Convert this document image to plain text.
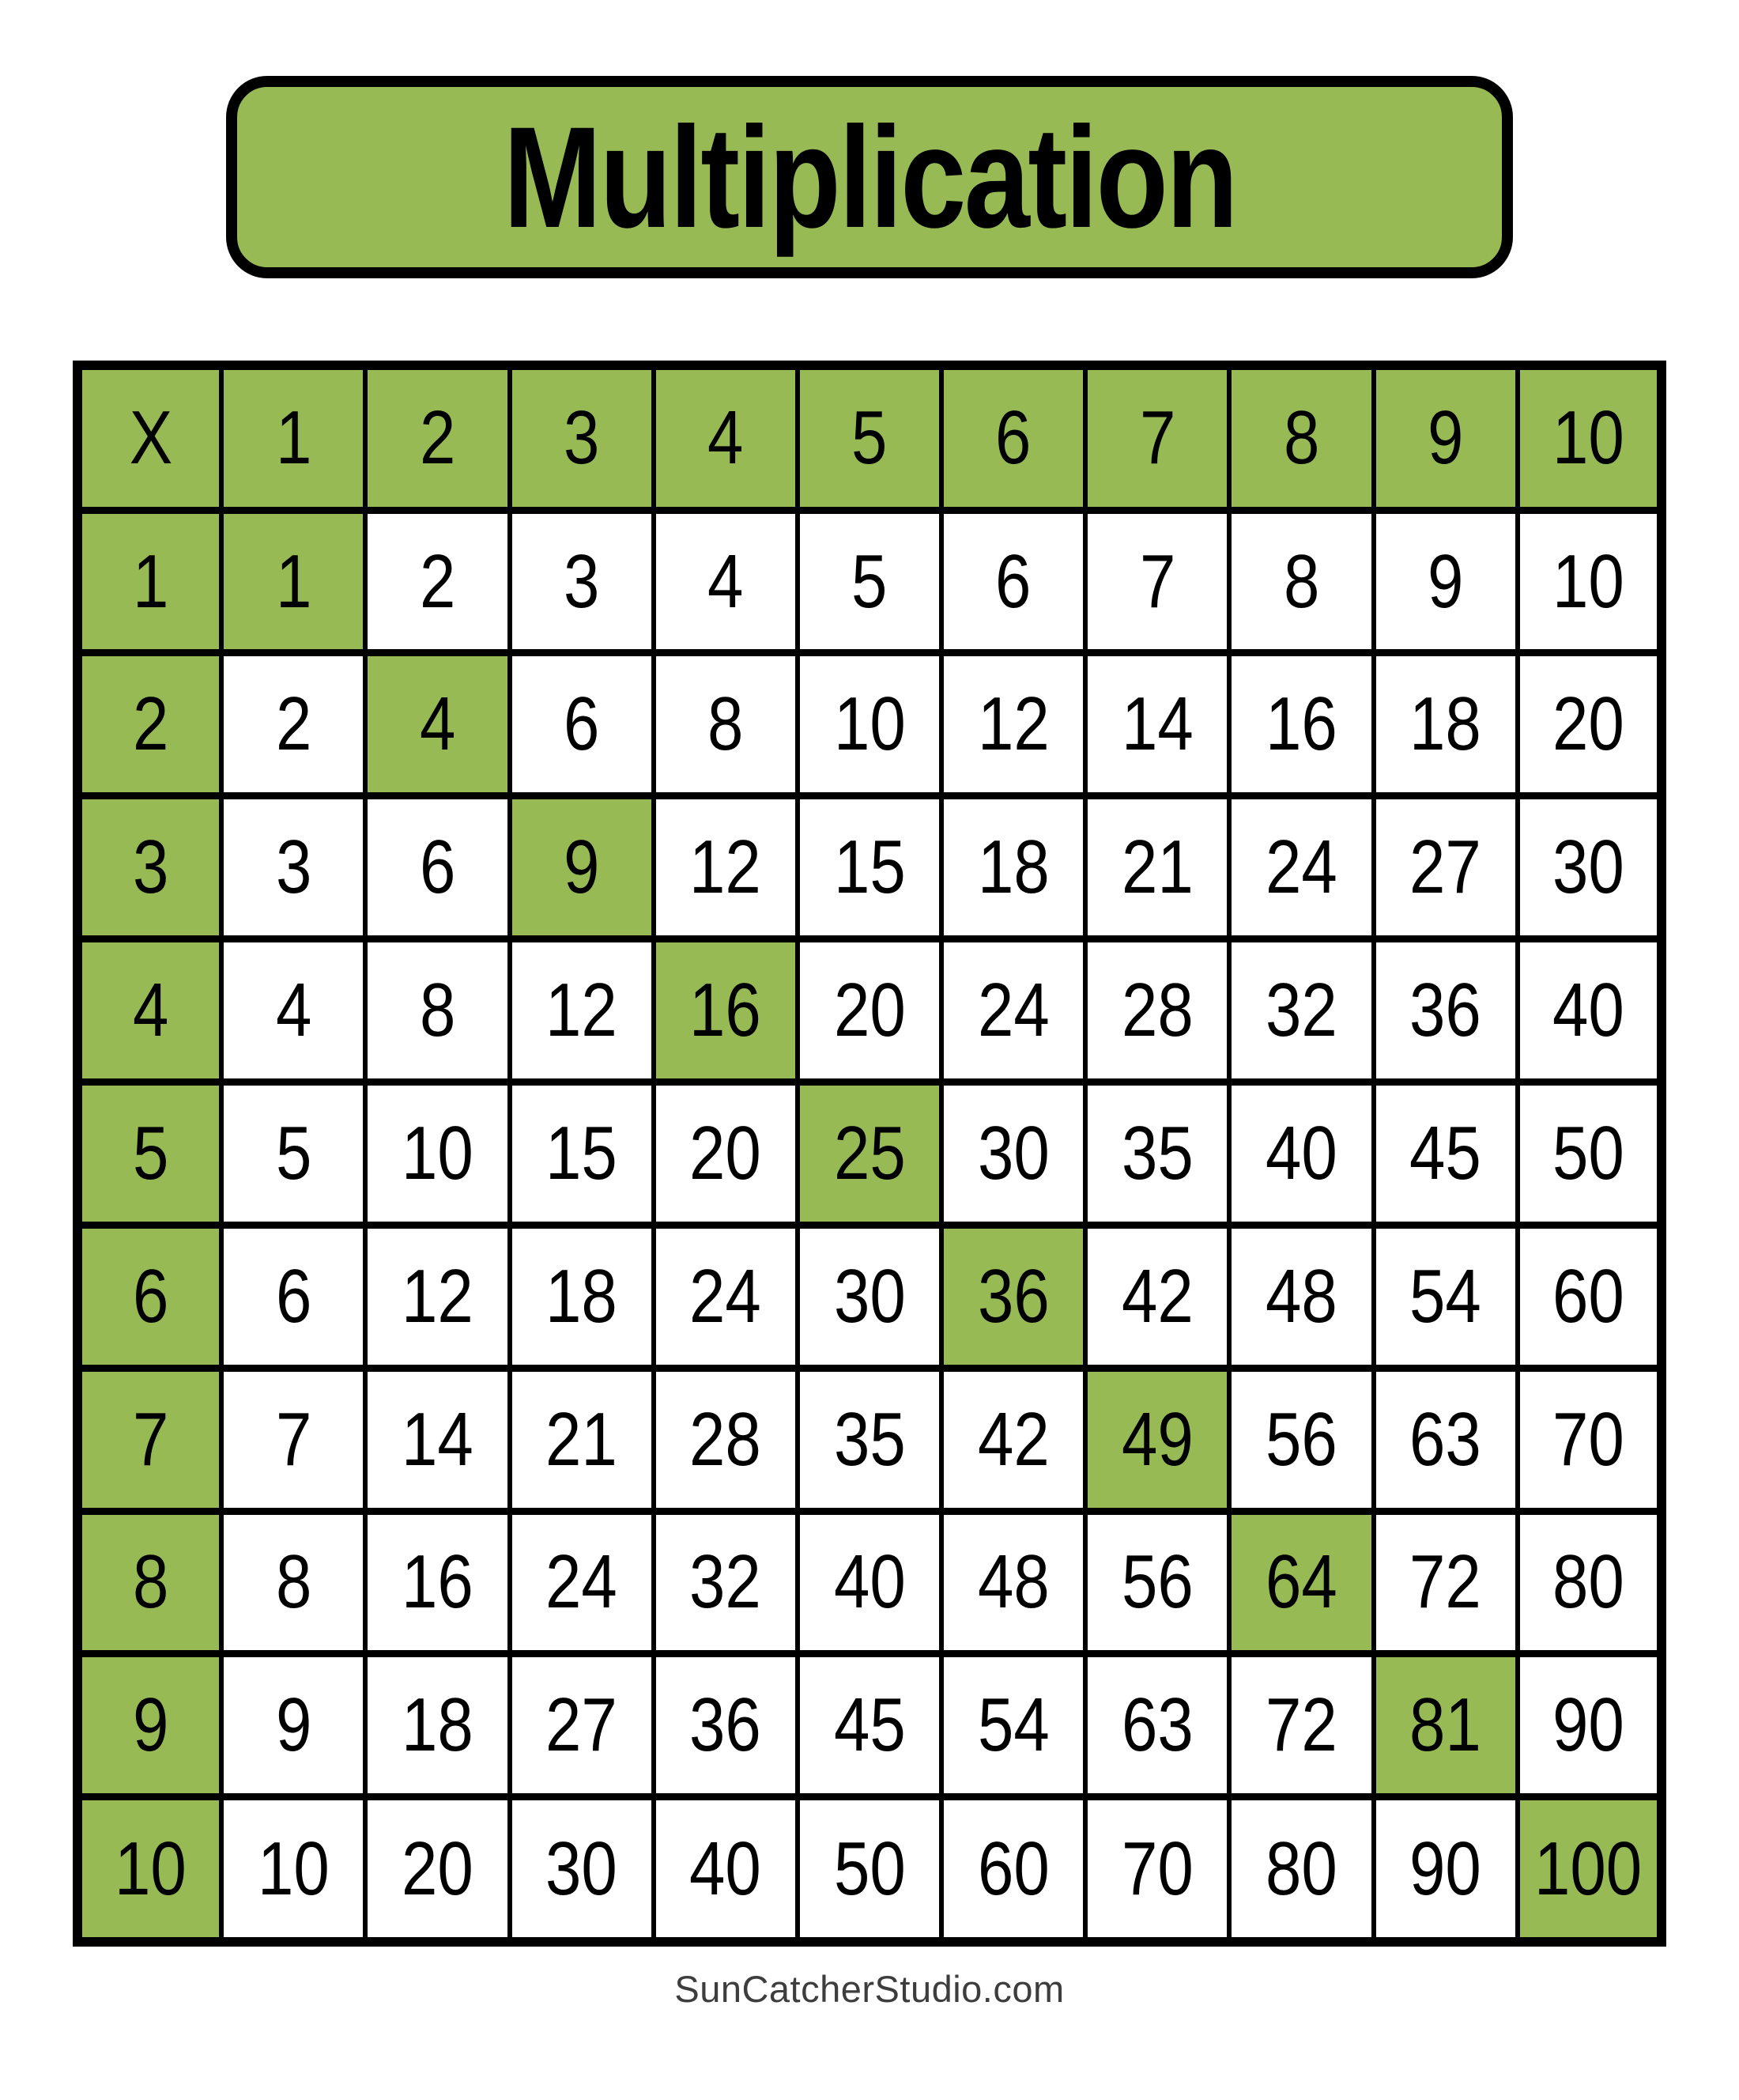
Multiplication
X	1	2	3	4	5	6	7	8	9	10
1	1	2	3	4	5	6	7	8	9	10
2	2	4	6	8	10	12	14	16	18	20
3	3	6	9	12	15	18	21	24	27	30
4	4	8	12	16	20	24	28	32	36	40
5	5	10	15	20	25	30	35	40	45	50
6	6	12	18	24	30	36	42	48	54	60
7	7	14	21	28	35	42	49	56	63	70
8	8	16	24	32	40	48	56	64	72	80
9	9	18	27	36	45	54	63	72	81	90
10	10	20	30	40	50	60	70	80	90	100
SunCatcherStudio.com
